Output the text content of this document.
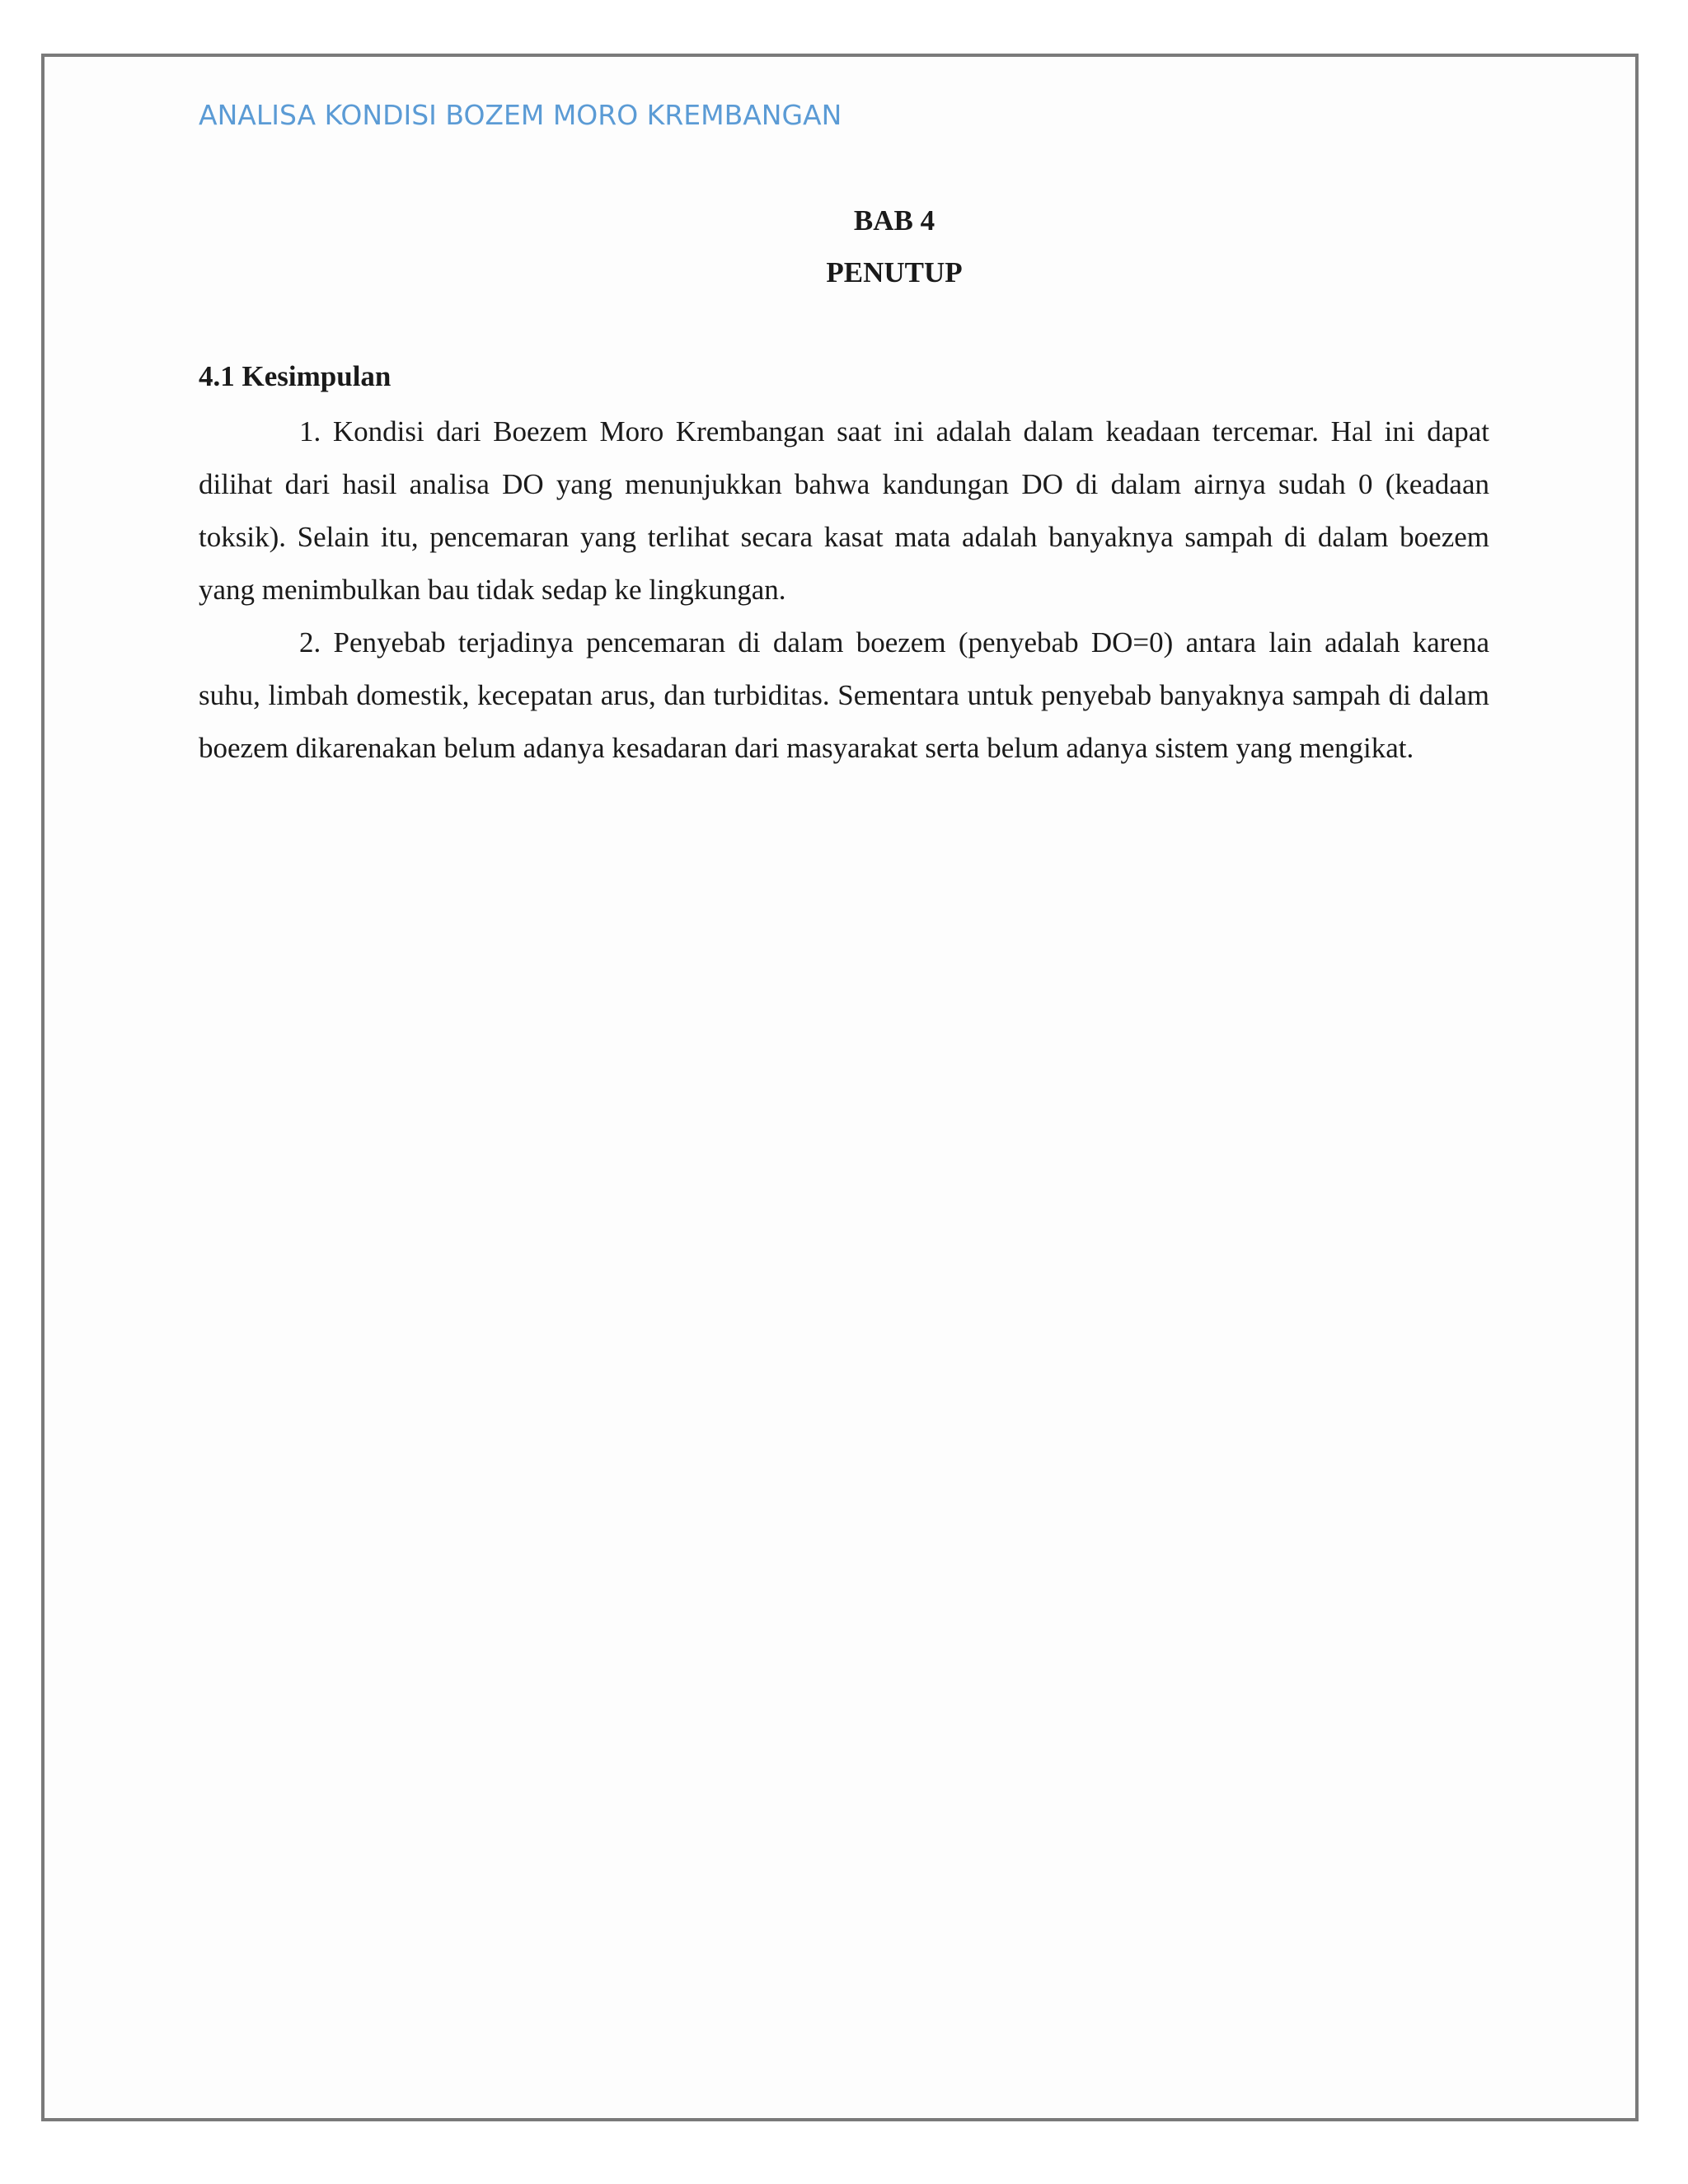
ANALISA KONDISI BOZEM MORO KREMBANGAN
BAB 4
PENUTUP
4.1 Kesimpulan

1. Kondisi dari Boezem Moro Krembangan saat ini adalah dalam keadaan tercemar. Hal ini dapat dilihat dari hasil analisa DO yang menunjukkan bahwa kandungan DO di dalam airnya sudah 0 (keadaan toksik). Selain itu, pencemaran yang terlihat secara kasat mata adalah banyaknya sampah di dalam boezem yang menimbulkan bau tidak sedap ke lingkungan.

2. Penyebab terjadinya pencemaran di dalam boezem (penyebab DO=0) antara lain adalah karena suhu, limbah domestik, kecepatan arus, dan turbiditas. Sementara untuk penyebab banyaknya sampah di dalam boezem dikarenakan belum adanya kesadaran dari masyarakat serta belum adanya sistem yang mengikat.
